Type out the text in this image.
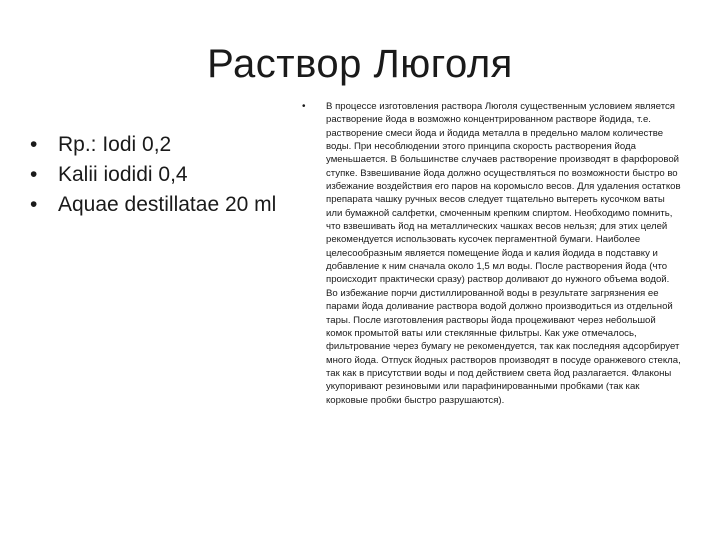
Раствор Люголя
• Rp.: Iodi 0,2
• Kalii iodidi 0,4
• Aquae destillatae 20 ml
• В процессе изготовления раствора Люголя существенным условием является растворение йода в возможно концентрированном растворе йодида, т.е. растворение смеси йода и йодида металла в предельно малом количестве воды. При несоблюдении этого принципа скорость растворения йода уменьшается. В большинстве случаев растворение производят в фарфоровой ступке. Взвешивание йода должно осуществляться по возможности быстро во избежание воздействия его паров на коромысло весов. Для удаления остатков препарата чашку ручных весов следует тщательно вытереть кусочком ваты или бумажной салфетки, смоченным крепким спиртом. Необходимо помнить, что взвешивать йод на металлических чашках весов нельзя; для этих целей рекомендуется использовать кусочек пергаментной бумаги. Наиболее целесообразным является помещение йода и калия йодида в подставку и добавление к ним сначала около 1,5 мл воды. После растворения йода (что происходит практически сразу) раствор доливают до нужного объема водой. Во избежание порчи дистиллированной воды в результате загрязнения ее парами йода доливание раствора водой должно производиться из отдельной тары. После изготовления растворы йода процеживают через небольшой комок промытой ваты или стеклянные фильтры. Как уже отмечалось, фильтрование через бумагу не рекомендуется, так как последняя адсорбирует много йода. Отпуск йодных растворов производят в посуде оранжевого стекла, так как в присутствии воды и под действием света йод разлагается. Флаконы укупоривают резиновыми или парафинированными пробками (так как корковые пробки быстро разрушаются).
